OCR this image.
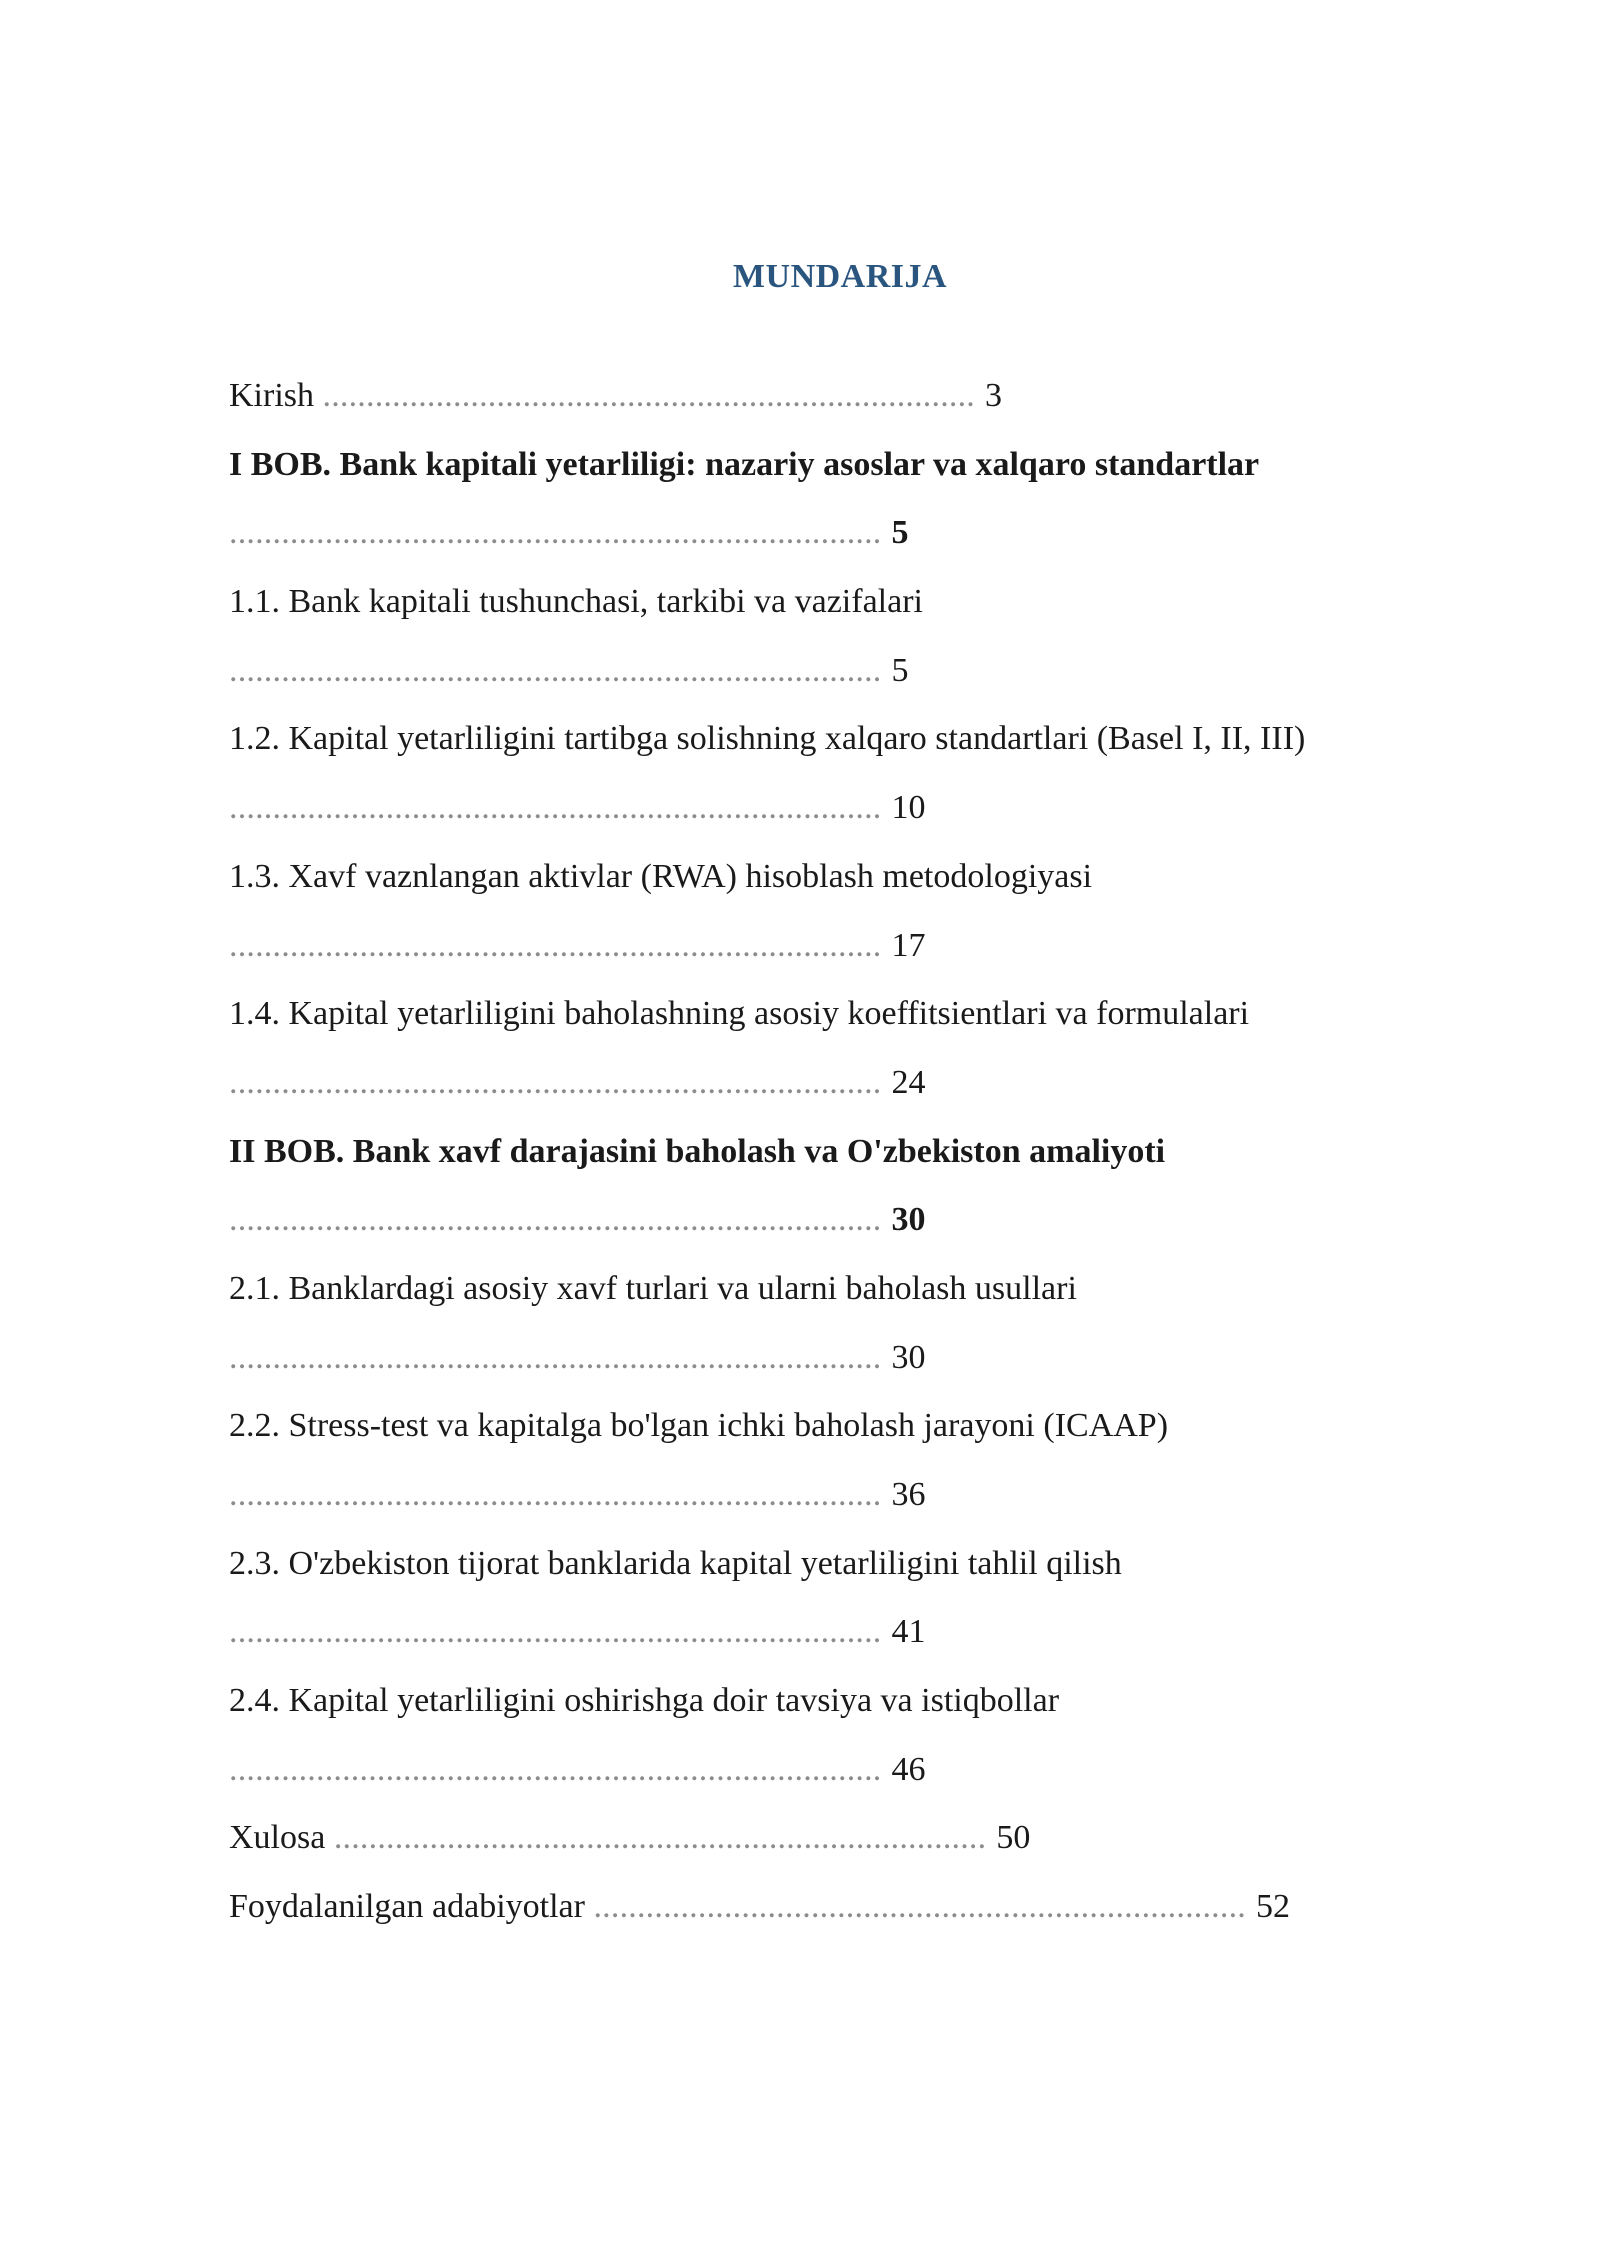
MUNDARIJA
Kirish ........................................................................... 3
I BOB. Bank kapitali yetarliligi: nazariy asoslar va xalqaro standartlar
........................................................................... 5
1.1. Bank kapitali tushunchasi, tarkibi va vazifalari
........................................................................... 5
1.2. Kapital yetarliligini tartibga solishning xalqaro standartlari (Basel I, II, III)
........................................................................... 10
1.3. Xavf vaznlangan aktivlar (RWA) hisoblash metodologiyasi
........................................................................... 17
1.4. Kapital yetarliligini baholashning asosiy koeffitsientlari va formulalari
........................................................................... 24
II BOB. Bank xavf darajasini baholash va O'zbekiston amaliyoti
........................................................................... 30
2.1. Banklardagi asosiy xavf turlari va ularni baholash usullari
........................................................................... 30
2.2. Stress-test va kapitalga bo'lgan ichki baholash jarayoni (ICAAP)
........................................................................... 36
2.3. O'zbekiston tijorat banklarida kapital yetarliligini tahlil qilish
........................................................................... 41
2.4. Kapital yetarliligini oshirishga doir tavsiya va istiqbollar
........................................................................... 46
Xulosa ........................................................................... 50
Foydalanilgan adabiyotlar ........................................................................... 52
